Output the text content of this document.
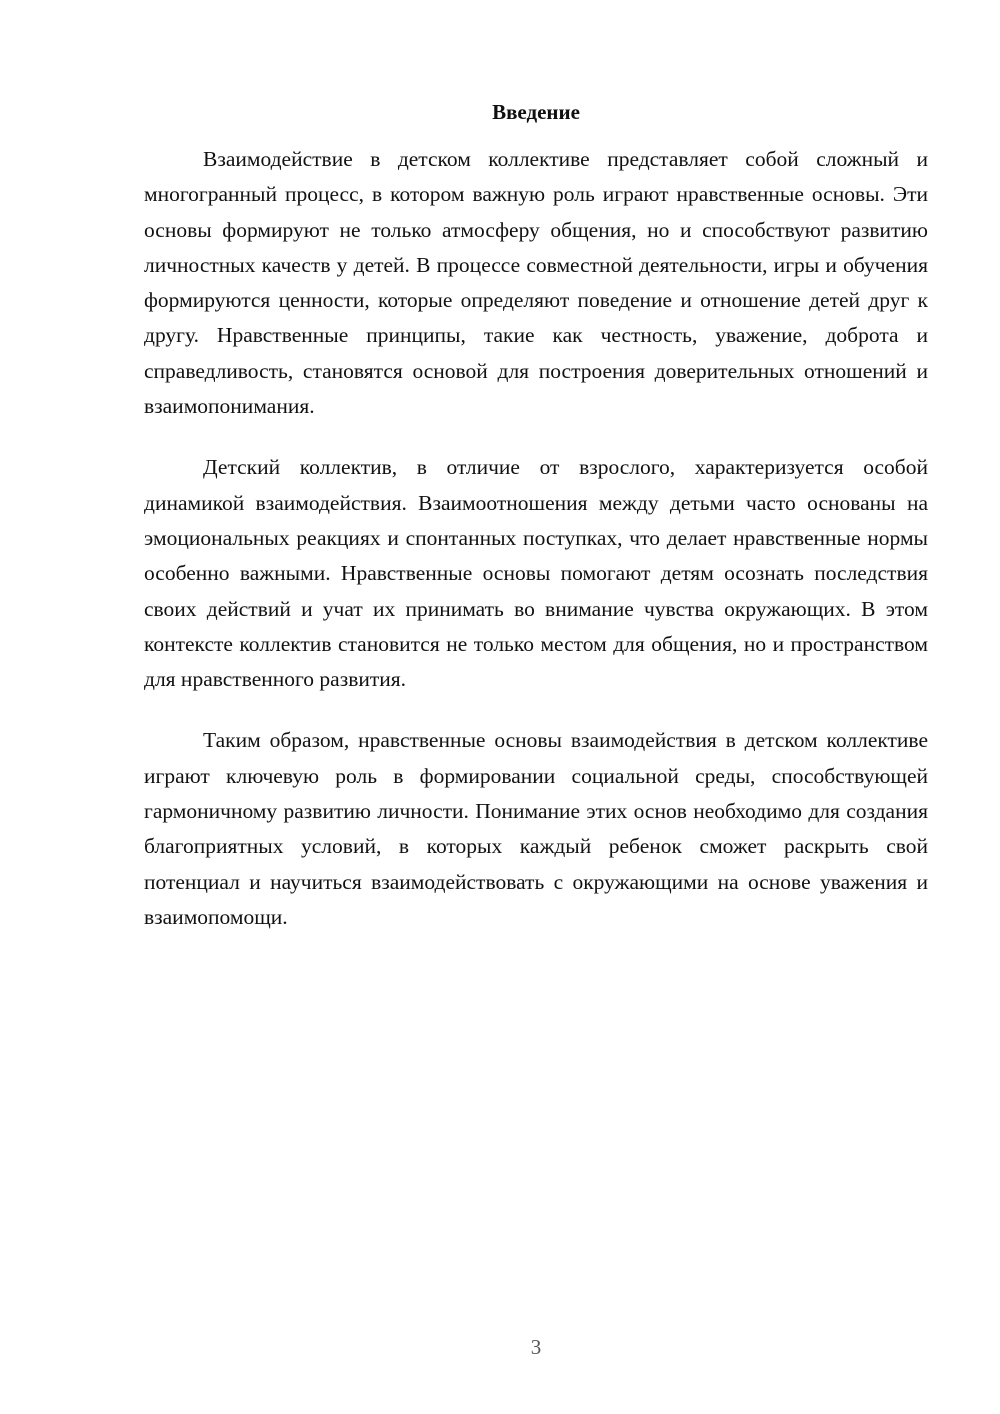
Введение

Взаимодействие в детском коллективе представляет собой сложный и многогранный процесс, в котором важную роль играют нравственные основы. Эти основы формируют не только атмосферу общения, но и способствуют развитию личностных качеств у детей. В процессе совместной деятельности, игры и обучения формируются ценности, которые определяют поведение и отношение детей друг к другу. Нравственные принципы, такие как честность, уважение, доброта и справедливость, становятся основой для построения доверительных отношений и взаимопонимания.

Детский коллектив, в отличие от взрослого, характеризуется особой динамикой взаимодействия. Взаимоотношения между детьми часто основаны на эмоциональных реакциях и спонтанных поступках, что делает нравственные нормы особенно важными. Нравственные основы помогают детям осознать последствия своих действий и учат их принимать во внимание чувства окружающих. В этом контексте коллектив становится не только местом для общения, но и пространством для нравственного развития.

Таким образом, нравственные основы взаимодействия в детском коллективе играют ключевую роль в формировании социальной среды, способствующей гармоничному развитию личности. Понимание этих основ необходимо для создания благоприятных условий, в которых каждый ребенок сможет раскрыть свой потенциал и научиться взаимодействовать с окружающими на основе уважения и взаимопомощи.

3
